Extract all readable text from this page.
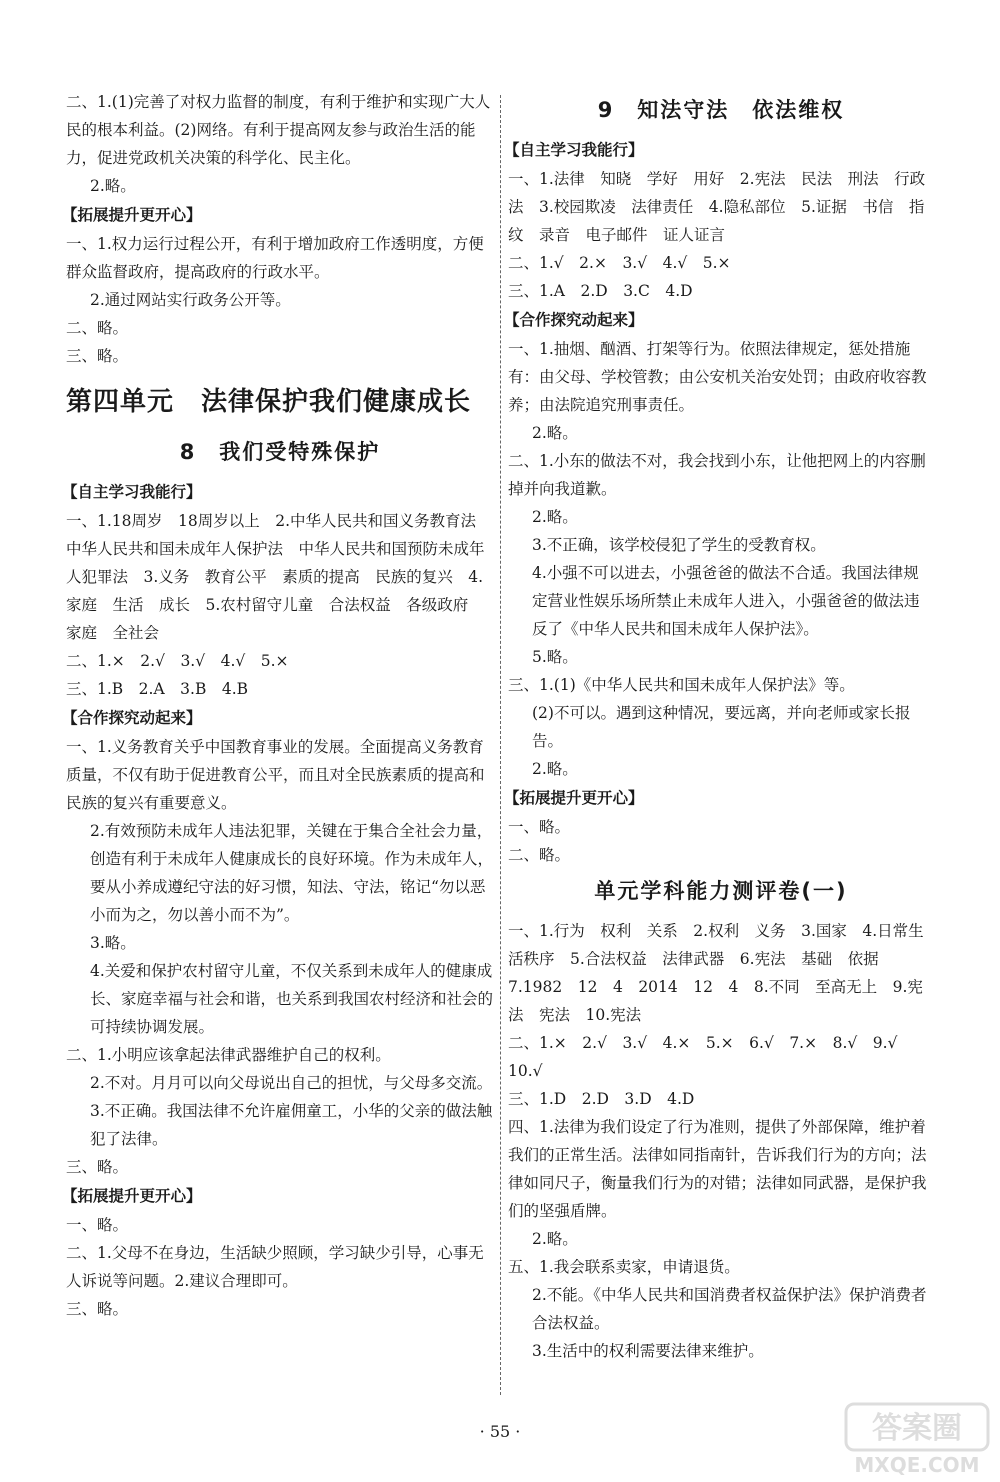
二、1.(1)完善了对权力监督的制度，有利于维护和实现广大人民的根本利益。(2)网络。有利于提高网友参与政治生活的能力，促进党政机关决策的科学化、民主化。
2.略。
【拓展提升更开心】
一、1.权力运行过程公开，有利于增加政府工作透明度，方便群众监督政府，提高政府的行政水平。
2.通过网站实行政务公开等。
二、略。
三、略。
第四单元　法律保护我们健康成长
8　我们受特殊保护
【自主学习我能行】
一、1.18周岁　18周岁以上　2.中华人民共和国义务教育法　中华人民共和国未成年人保护法　中华人民共和国预防未成年人犯罪法　3.义务　教育公平　素质的提高　民族的复兴　4.家庭　生活　成长　5.农村留守儿童　合法权益　各级政府　家庭　全社会
二、1.×　2.√　3.√　4.√　5.×
三、1.B　2.A　3.B　4.B
【合作探究动起来】
一、1.义务教育关乎中国教育事业的发展。全面提高义务教育质量，不仅有助于促进教育公平，而且对全民族素质的提高和民族的复兴有重要意义。
2.有效预防未成年人违法犯罪，关键在于集合全社会力量，创造有利于未成年人健康成长的良好环境。作为未成年人，要从小养成遵纪守法的好习惯，知法、守法，铭记“勿以恶小而为之，勿以善小而不为”。
3.略。
4.关爱和保护农村留守儿童，不仅关系到未成年人的健康成长、家庭幸福与社会和谐，也关系到我国农村经济和社会的可持续协调发展。
二、1.小明应该拿起法律武器维护自己的权利。
2.不对。月月可以向父母说出自己的担忧，与父母多交流。
3.不正确。我国法律不允许雇佣童工，小华的父亲的做法触犯了法律。
三、略。
【拓展提升更开心】
一、略。
二、1.父母不在身边，生活缺少照顾，学习缺少引导，心事无人诉说等问题。2.建议合理即可。
三、略。
9　知法守法　依法维权
【自主学习我能行】
一、1.法律　知晓　学好　用好　2.宪法　民法　刑法　行政法　3.校园欺凌　法律责任　4.隐私部位　5.证据　书信　指纹　录音　电子邮件　证人证言
二、1.√　2.×　3.√　4.√　5.×
三、1.A　2.D　3.C　4.D
【合作探究动起来】
一、1.抽烟、酗酒、打架等行为。依照法律规定，惩处措施有：由父母、学校管教；由公安机关治安处罚；由政府收容教养；由法院追究刑事责任。
2.略。
二、1.小东的做法不对，我会找到小东，让他把网上的内容删掉并向我道歉。
2.略。
3.不正确，该学校侵犯了学生的受教育权。
4.小强不可以进去，小强爸爸的做法不合适。我国法律规定营业性娱乐场所禁止未成年人进入，小强爸爸的做法违反了《中华人民共和国未成年人保护法》。
5.略。
三、1.(1)《中华人民共和国未成年人保护法》等。
(2)不可以。遇到这种情况，要远离，并向老师或家长报告。
2.略。
【拓展提升更开心】
一、略。
二、略。
单元学科能力测评卷(一)
一、1.行为　权利　关系　2.权利　义务　3.国家　4.日常生活秩序　5.合法权益　法律武器　6.宪法　基础　依据　7.1982　12　4　2014　12　4　8.不同　至高无上　9.宪法　宪法　10.宪法
二、1.×　2.√　3.√　4.×　5.×　6.√　7.×　8.√　9.√　10.√
三、1.D　2.D　3.D　4.D
四、1.法律为我们设定了行为准则，提供了外部保障，维护着我们的正常生活。法律如同指南针，告诉我们行为的方向；法律如同尺子，衡量我们行为的对错；法律如同武器，是保护我们的坚强盾牌。
2.略。
五、1.我会联系卖家，申请退货。
2.不能。《中华人民共和国消费者权益保护法》保护消费者合法权益。
3.生活中的权利需要法律来维护。
· 55 ·	答案圈
MXQE.COM
